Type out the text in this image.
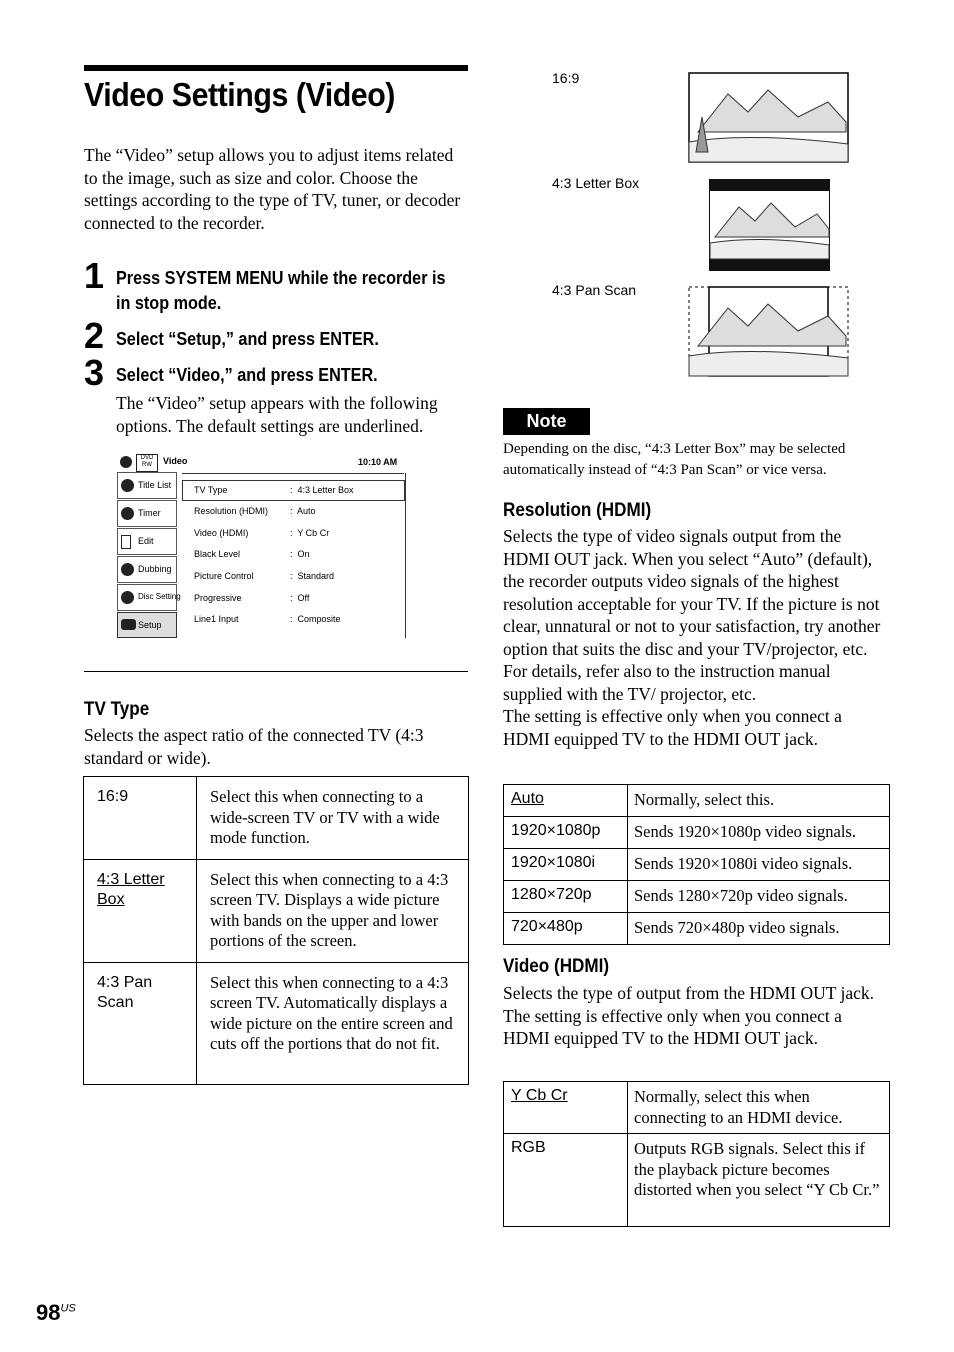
Video Settings (Video)
The “Video” setup allows you to adjust items related to the image, such as size and color. Choose the settings according to the type of TV, tuner, or decoder connected to the recorder.
1 Press SYSTEM MENU while the recorder is
in stop mode.
2 Select “Setup,” and press ENTER.
3 Select “Video,” and press ENTER.
The “Video” setup appears with the following options. The default settings are underlined.
DVD RW	Video	10:10 AM
Title List
Timer
Edit
Dubbing
Disc Setting
Setup
TV Type	:  4:3 Letter Box
Resolution (HDMI) :  Auto
Video (HDMI)	:  Y Cb Cr
Black Level	:  On
Picture Control	:  Standard
Progressive	:  Off
Line1 Input	:  Composite
TV Type
Selects the aspect ratio of the connected TV (4:3 standard or wide).
16:9	Select this when connecting to a wide-screen TV or TV with a wide mode function.
4:3 Letter
Box	Select this when connecting to a 4:3 screen TV. Displays a wide picture with bands on the upper and lower portions of the screen.
4:3 Pan
Scan	Select this when connecting to a 4:3 screen TV. Automatically displays a wide picture on the entire screen and cuts off the portions that do not fit.
$98^{US}$
16:9
4:3 Letter Box
4:3 Pan Scan
Note
Depending on the disc, “4:3 Letter Box” may be selected automatically instead of “4:3 Pan Scan” or vice versa.
Resolution (HDMI)
Selects the type of video signals output from the HDMI OUT jack. When you select “Auto” (default), the recorder outputs video signals of the highest resolution acceptable for your TV. If the picture is not clear, unnatural or not to your satisfaction, try another option that suits the disc and your TV/projector, etc. For details, refer also to the instruction manual supplied with the TV/ projector, etc.
The setting is effective only when you connect a HDMI equipped TV to the HDMI OUT jack.
Auto	Normally, select this.
1920×1080p	Sends 1920×1080p video signals.
1920×1080i	Sends 1920×1080i video signals.
1280×720p	Sends 1280×720p video signals.
720×480p	Sends 720×480p video signals.
Video (HDMI)
Selects the type of output from the HDMI OUT jack.
The setting is effective only when you connect a HDMI equipped TV to the HDMI OUT jack.
Y Cb Cr	Normally, select this when connecting to an HDMI device.
RGB	Outputs RGB signals. Select this if the playback picture becomes distorted when you select “Y Cb Cr.”
